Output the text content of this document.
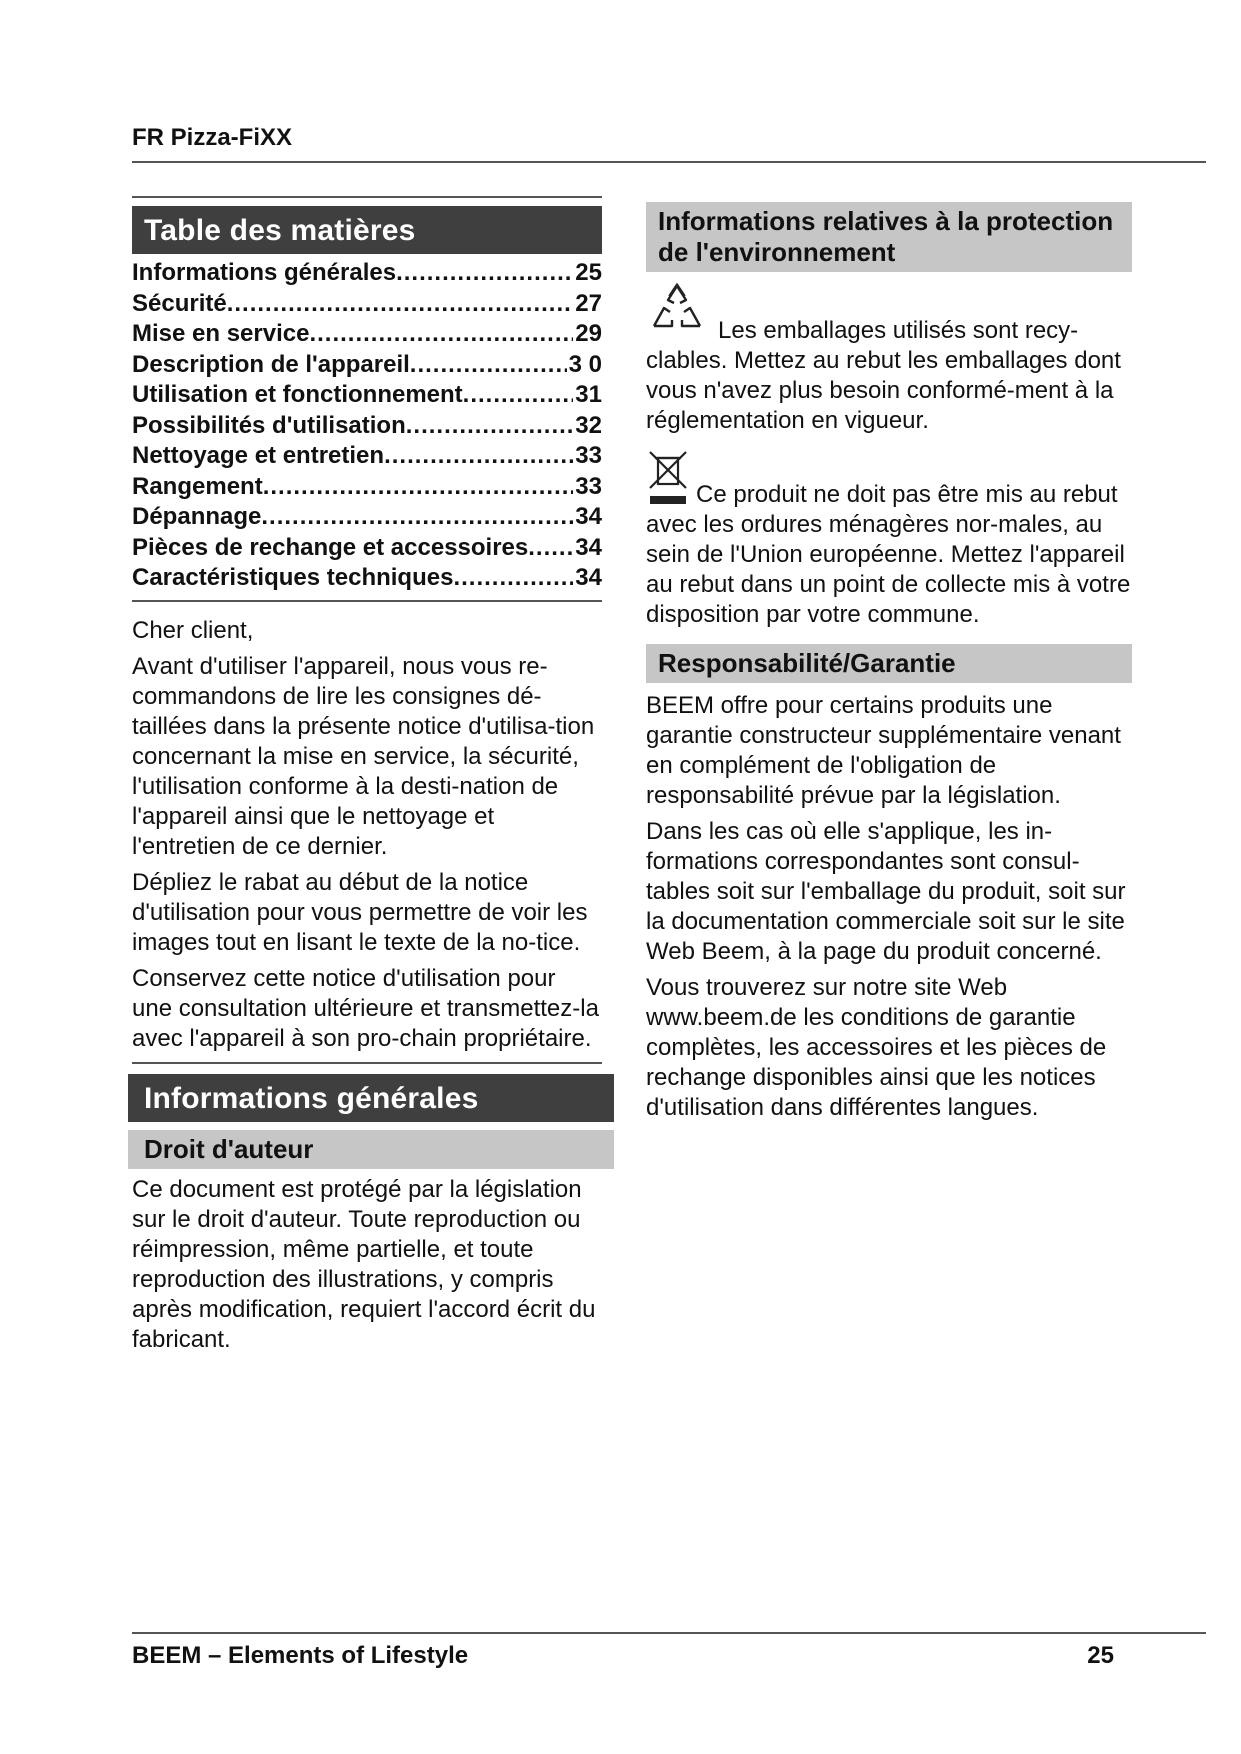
FR Pizza-FiXX
Table des matières
Informations générales .....	25
Sécurité .....	27
Mise en service .....	29
Description de l'appareil .....	3 0
Utilisation et fonctionnement .....	31
Possibilités d'utilisation .....	32
Nettoyage et entretien .....	33
Rangement .....	33
Dépannage .....	34
Pièces de rechange et accessoires ..... 34
Caractéristiques techniques .....	34

Cher client,

Avant d'utiliser l'appareil, nous vous re-commandons de lire les consignes dé-taillées dans la présente notice d'utilisa-tion concernant la mise en service, la sécurité, l'utilisation conforme à la desti-nation de l'appareil ainsi que le nettoyage et l'entretien de ce dernier.

Dépliez le rabat au début de la notice d'utilisation pour vous permettre de voir les images tout en lisant le texte de la no-tice.

Conservez cette notice d'utilisation pour une consultation ultérieure et transmettez-la avec l'appareil à son pro-chain propriétaire.

Informations générales
Droit d'auteur

Ce document est protégé par la législation sur le droit d'auteur. Toute reproduction ou réimpression, même partielle, et toute reproduction des illustrations, y compris après modification, requiert l'accord écrit du fabricant.

Informations relatives à la protection de l'environnement

Les emballages utilisés sont recy-clables. Mettez au rebut les emballages dont vous n'avez plus besoin conformé-ment à la réglementation en vigueur.

Ce produit ne doit pas être mis au rebut avec les ordures ménagères nor-males, au sein de l'Union européenne. Mettez l'appareil au rebut dans un point de collecte mis à votre disposition par votre commune.

Responsabilité/Garantie

BEEM offre pour certains produits une garantie constructeur supplémentaire venant en complément de l'obligation de responsabilité prévue par la législation.

Dans les cas où elle s'applique, les in-formations correspondantes sont consul-tables soit sur l'emballage du produit, soit sur la documentation commerciale soit sur le site Web Beem, à la page du produit concerné.

Vous trouverez sur notre site Web www.beem.de les conditions de garantie complètes, les accessoires et les pièces de rechange disponibles ainsi que les notices d'utilisation dans différentes langues.

BEEM – Elements of Lifestyle	25
